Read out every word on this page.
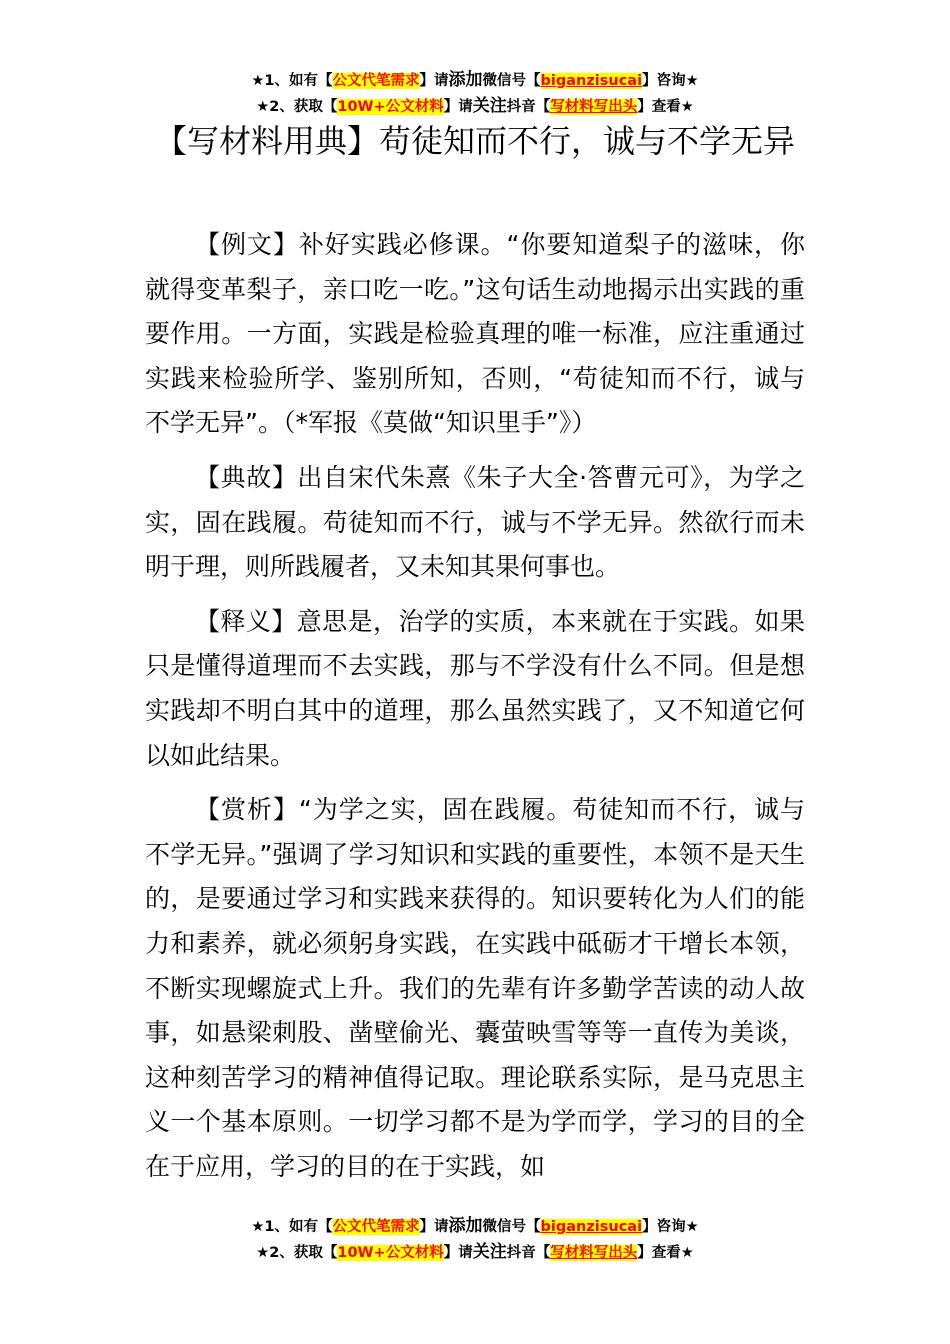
★1、如有【公文代笔需求】请添加微信号【biganzisucai】咨询★
★2、获取【10W+公文材料】请关注抖音【写材料写出头】查看★
【写材料用典】苟徒知而不行，诚与不学无异

【例文】补好实践必修课。“你要知道梨子的滋味，你就得变革梨子，亲口吃一吃。”这句话生动地揭示出实践的重要作用。一方面，实践是检验真理的唯一标准，应注重通过实践来检验所学、鉴别所知，否则，“苟徒知而不行，诚与不学无异”。（*军报《莫做“知识里手”》）

【典故】出自宋代朱熹《朱子大全·答曹元可》，为学之实，固在践履。苟徒知而不行，诚与不学无异。然欲行而未明于理，则所践履者，又未知其果何事也。

【释义】意思是，治学的实质，本来就在于实践。如果只是懂得道理而不去实践，那与不学没有什么不同。但是想实践却不明白其中的道理，那么虽然实践了，又不知道它何以如此结果。

【赏析】“为学之实，固在践履。苟徒知而不行，诚与不学无异。”强调了学习知识和实践的重要性，本领不是天生的，是要通过学习和实践来获得的。知识要转化为人们的能力和素养，就必须躬身实践，在实践中砥砺才干增长本领，不断实现螺旋式上升。我们的先辈有许多勤学苦读的动人故事，如悬梁刺股、凿壁偷光、囊萤映雪等等一直传为美谈，这种刻苦学习的精神值得记取。理论联系实际，是马克思主义一个基本原则。一切学习都不是为学而学，学习的目的全在于应用，学习的目的在于实践，如

★1、如有【公文代笔需求】请添加微信号【biganzisucai】咨询★
★2、获取【10W+公文材料】请关注抖音【写材料写出头】查看★
